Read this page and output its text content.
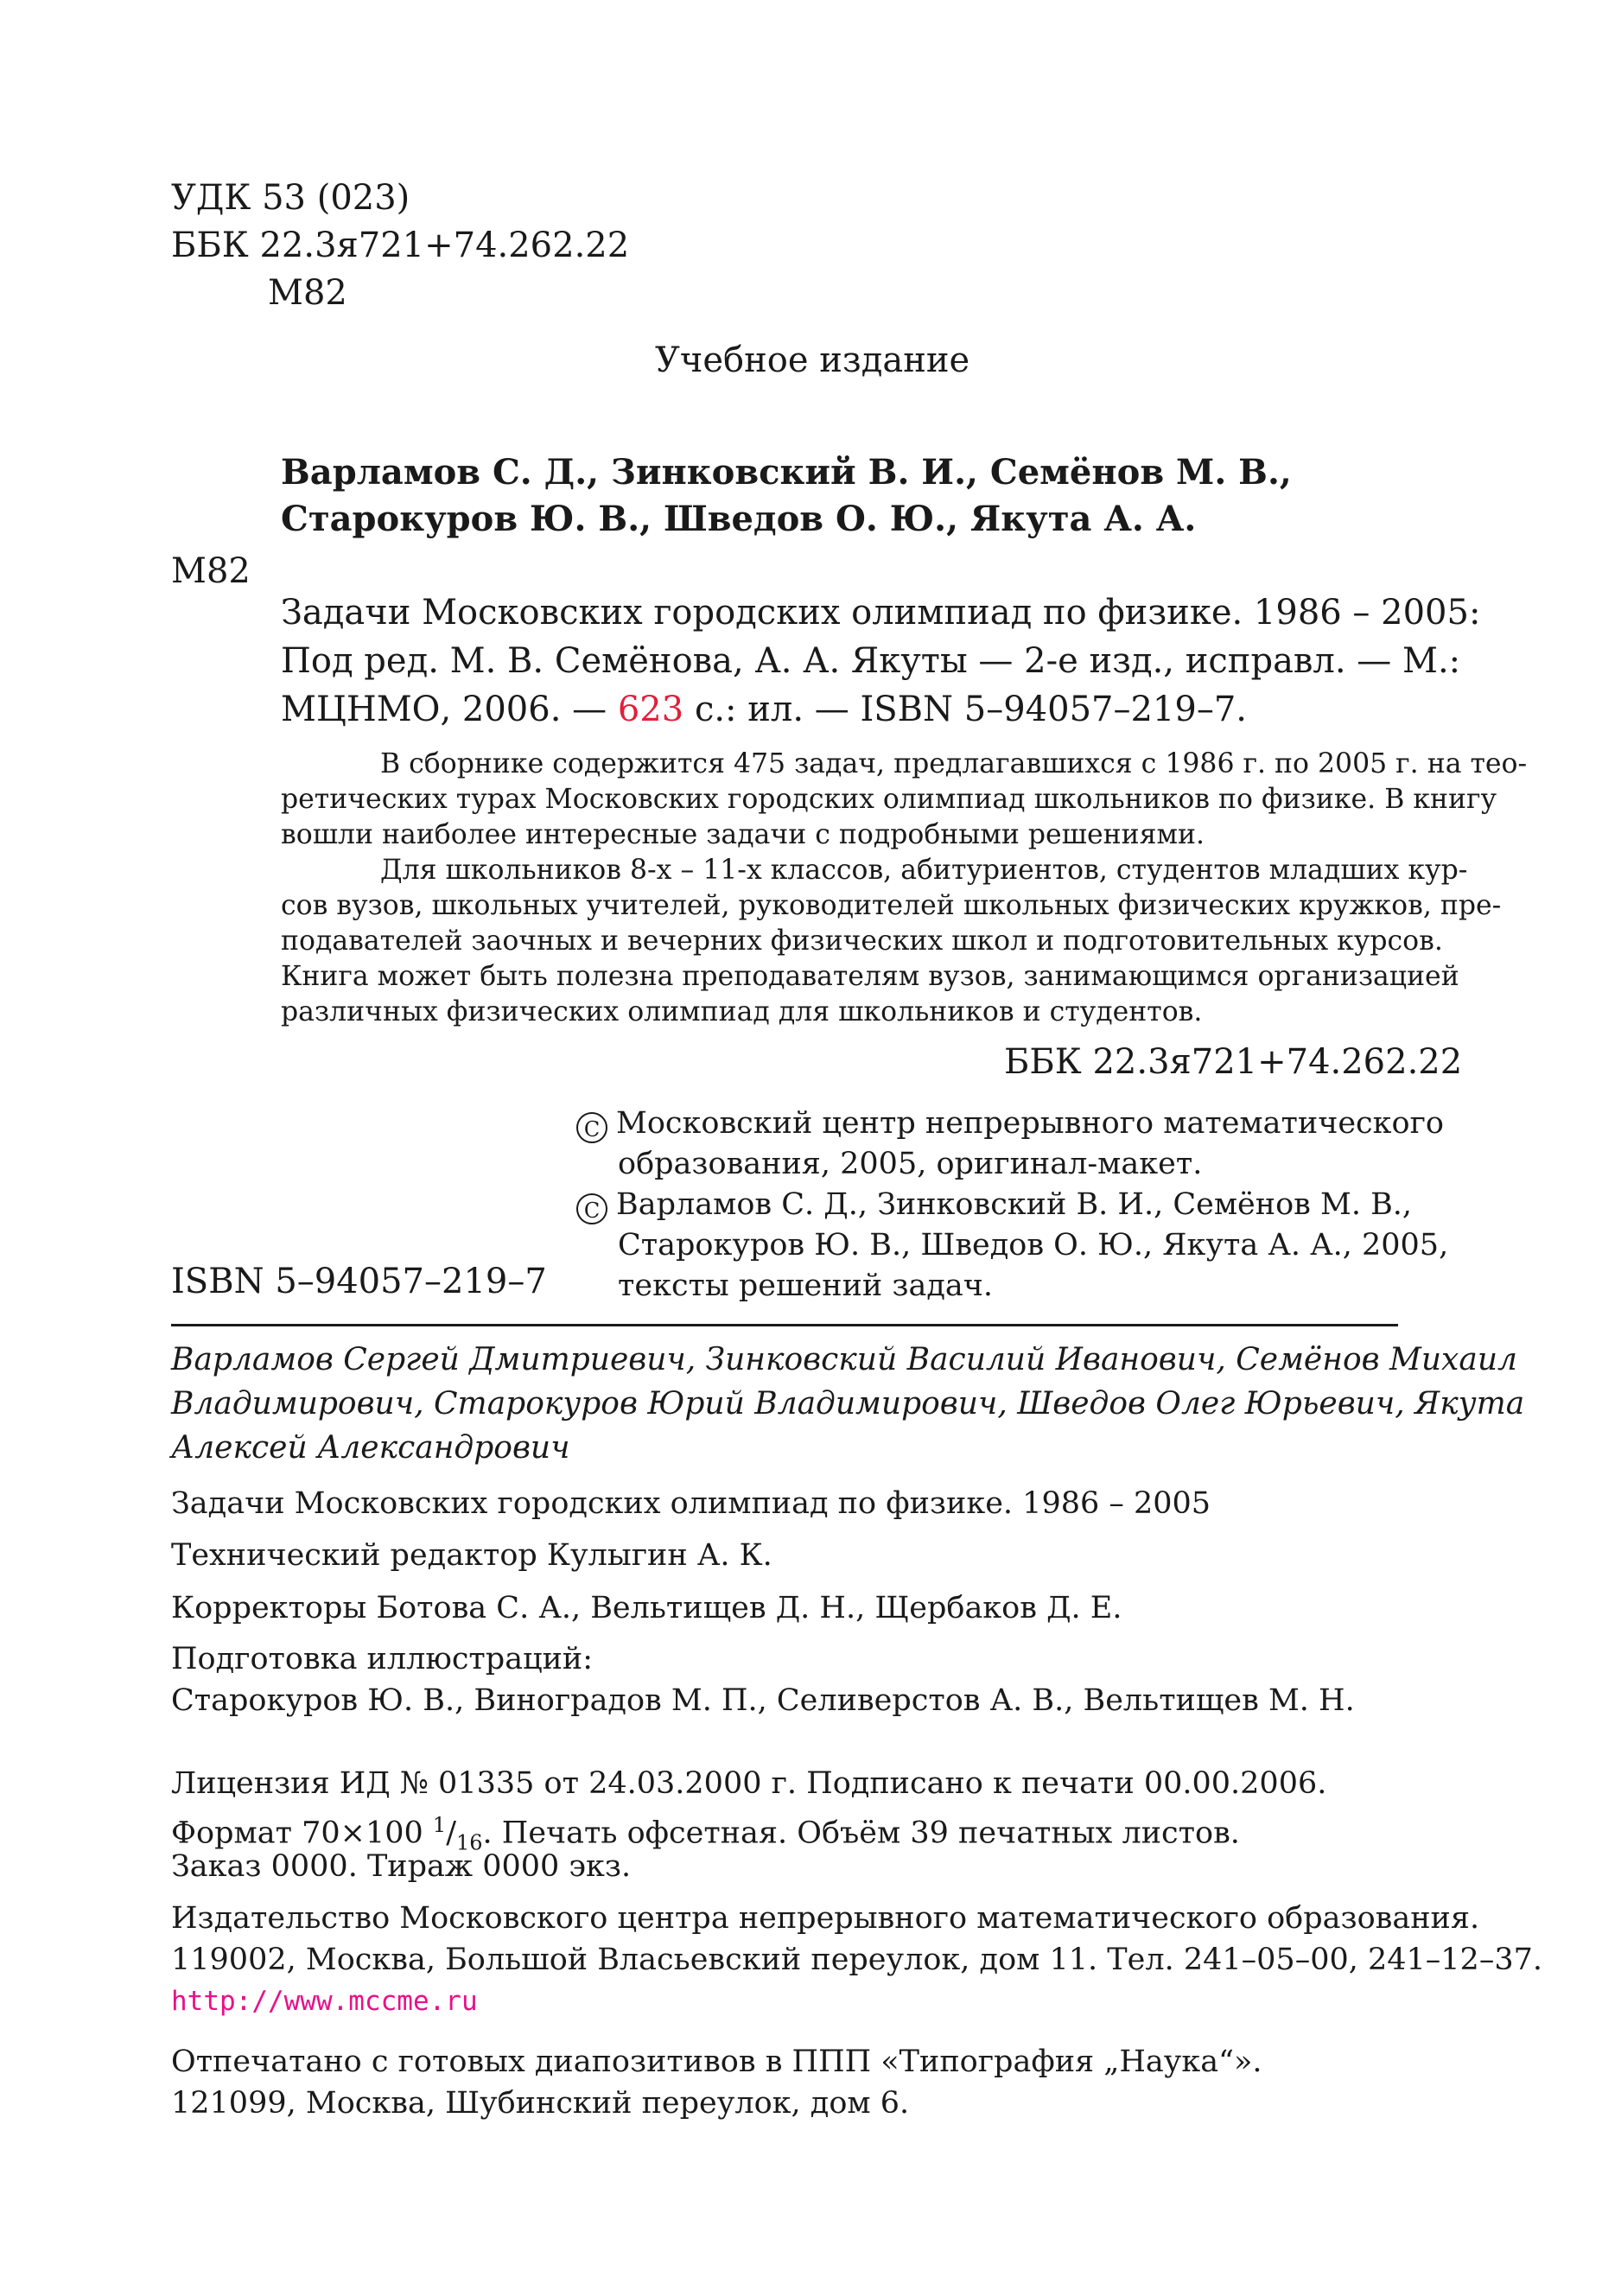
УДК 53 (023)
ББК 22.3я721+74.262.22
М82
Учебное издание
Варламов С. Д., Зинковский В. И., Семёнов М. В.,
Старокуров Ю. В., Шведов О. Ю., Якута А. А.
М82
Задачи Московских городских олимпиад по физике. 1986 – 2005:
Под ред. М. В. Семёнова, А. А. Якуты — 2-е изд., исправл. — М.:
МЦНМО, 2006. — 623 с.: ил. — ISBN 5–94057–219–7.
В сборнике содержится 475 задач, предлагавшихся с 1986 г. по 2005 г. на тео-
ретических турах Московских городских олимпиад школьников по физике. В книгу
вошли наиболее интересные задачи с подробными решениями.
Для школьников 8-х – 11-х классов, абитуриентов, студентов младших кур-
сов вузов, школьных учителей, руководителей школьных физических кружков, пре-
подавателей заочных и вечерних физических школ и подготовительных курсов.
Книга может быть полезна преподавателям вузов, занимающимся организацией
различных физических олимпиад для школьников и студентов.
ББК 22.3я721+74.262.22
C Московский центр непрерывного математического
образования, 2005, оригинал-макет.
C Варламов С. Д., Зинковский В. И., Семёнов М. В.,
Старокуров Ю. В., Шведов О. Ю., Якута А. А., 2005,
тексты решений задач.
ISBN 5–94057–219–7
Варламов Сергей Дмитриевич, Зинковский Василий Иванович, Семёнов Михаил
Владимирович, Старокуров Юрий Владимирович, Шведов Олег Юрьевич, Якута
Алексей Александрович
Задачи Московских городских олимпиад по физике. 1986 – 2005
Технический редактор Кулыгин А. К.
Корректоры Ботова С. А., Вельтищев Д. Н., Щербаков Д. Е.
Подготовка иллюстраций:
Старокуров Ю. В., Виноградов М. П., Селиверстов А. В., Вельтищев М. Н.
Лицензия ИД № 01335 от 24.03.2000 г. Подписано к печати 00.00.2006.
Формат 70×100 $^1/_{16}$. Печать офсетная. Объём 39 печатных листов.
Заказ 0000. Тираж 0000 экз.
Издательство Московского центра непрерывного математического образования.
119002, Москва, Большой Власьевский переулок, дом 11. Тел. 241–05–00, 241–12–37.
http://www.mccme.ru
Отпечатано с готовых диапозитивов в ППП «Типография „Наука“».
121099, Москва, Шубинский переулок, дом 6.
